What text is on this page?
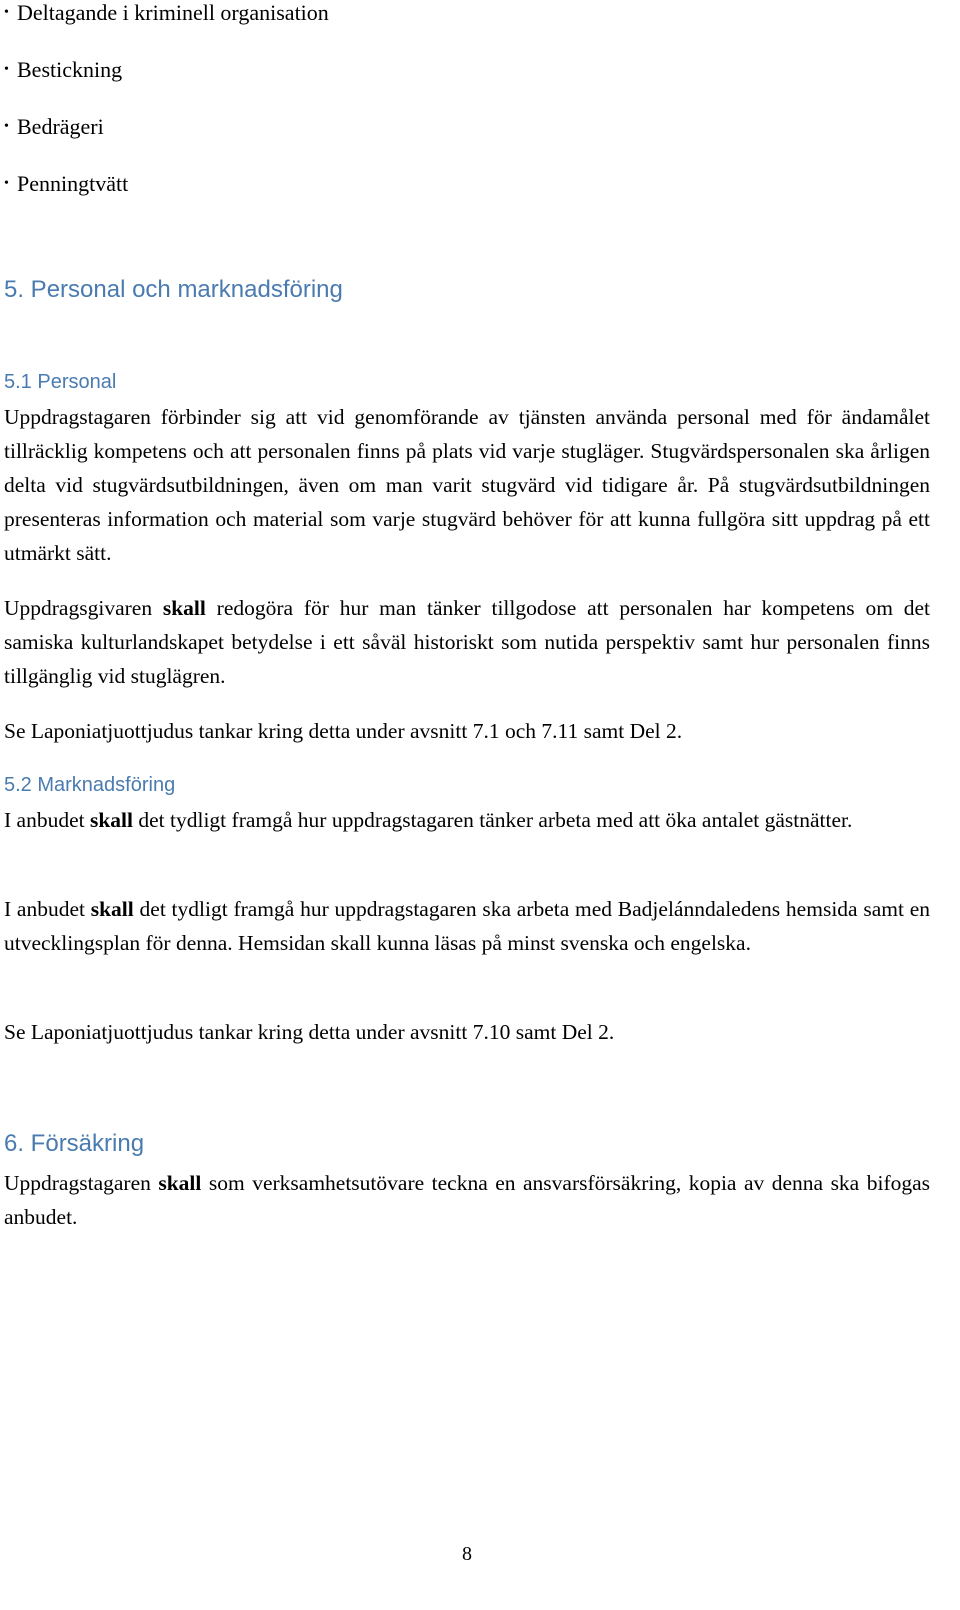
• Deltagande i kriminell organisation
• Bestickning
• Bedrägeri
• Penningtvätt
5. Personal och marknadsföring
5.1 Personal

Uppdragstagaren förbinder sig att vid genomförande av tjänsten använda personal med för ändamålet tillräcklig kompetens och att personalen finns på plats vid varje stugläger. Stugvärdspersonalen ska årligen delta vid stugvärdsutbildningen, även om man varit stugvärd vid tidigare år. På stugvärdsutbildningen presenteras information och material som varje stugvärd behöver för att kunna fullgöra sitt uppdrag på ett utmärkt sätt.

Uppdragsgivaren skall redogöra för hur man tänker tillgodose att personalen har kompetens om det samiska kulturlandskapet betydelse i ett såväl historiskt som nutida perspektiv samt hur personalen finns tillgänglig vid stuglägren.

Se Laponiatjuottjudus tankar kring detta under avsnitt 7.1 och 7.11 samt Del 2.

5.2 Marknadsföring

I anbudet skall det tydligt framgå hur uppdragstagaren tänker arbeta med att öka antalet gästnätter.

I anbudet skall det tydligt framgå hur uppdragstagaren ska arbeta med Badjelánndaledens hemsida samt en utvecklingsplan för denna. Hemsidan skall kunna läsas på minst svenska och engelska.

Se Laponiatjuottjudus tankar kring detta under avsnitt 7.10 samt Del 2.

6. Försäkring

Uppdragstagaren skall som verksamhetsutövare teckna en ansvarsförsäkring, kopia av denna ska bifogas anbudet.

8
